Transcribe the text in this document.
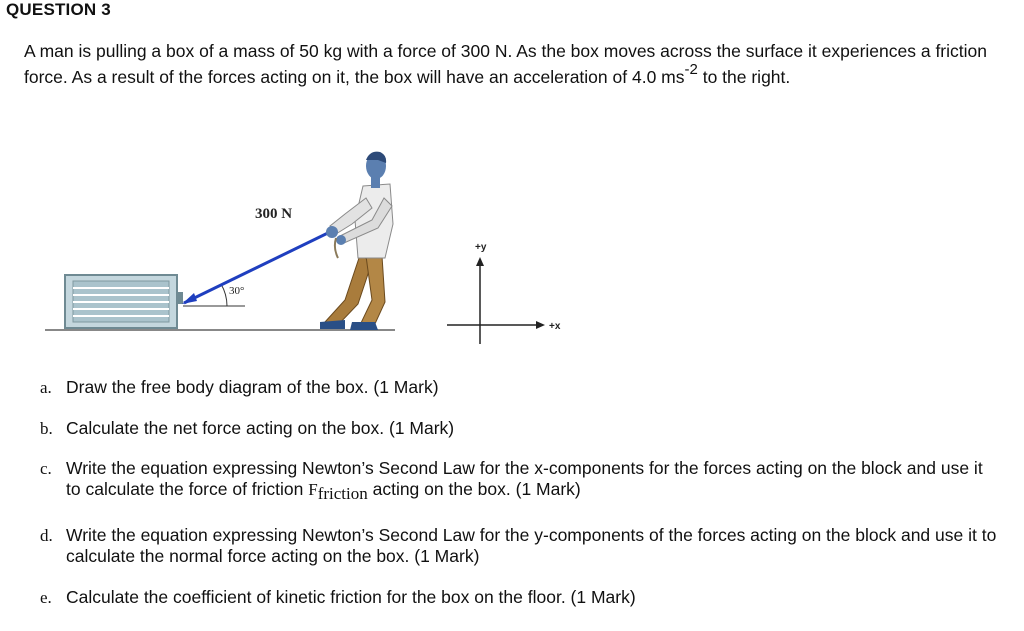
QUESTION 3
A man is pulling a box of a mass of 50 kg with a force of 300 N. As the box moves across the surface it experiences a friction force. As a result of the forces acting on it, the box will have an acceleration of 4.0 $ms^{-2}$ to the right.
30°
300 N
+y
+x
a. Draw the free body diagram of the box. (1 Mark)
b. Calculate the net force acting on the box. (1 Mark)
c. Write the equation expressing Newton’s Second Law for the x-components for the forces acting on the block and use it to calculate the force of friction $F_{friction}$ acting on the box. (1 Mark)
d. Write the equation expressing Newton’s Second Law for the y-components of the forces acting on the block and use it to calculate the normal force acting on the box. (1 Mark)
e. Calculate the coefficient of kinetic friction for the box on the floor. (1 Mark)
